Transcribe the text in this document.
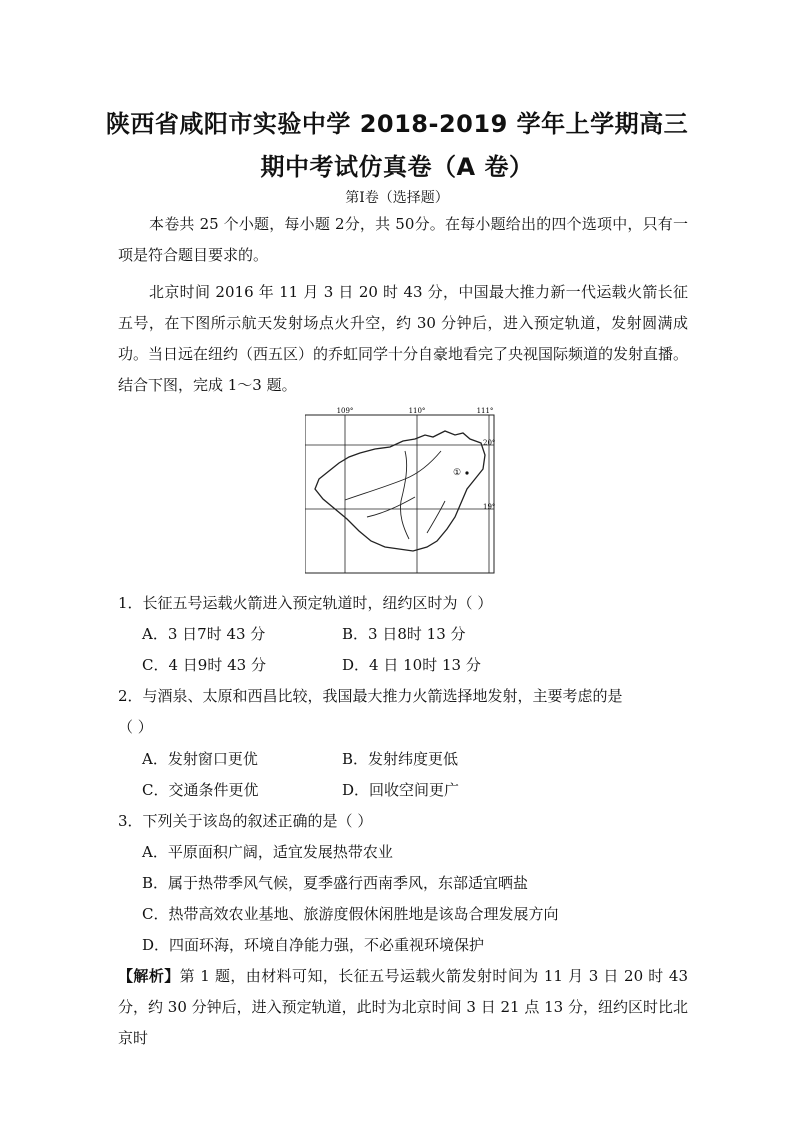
陕西省咸阳市实验中学 2018-2019 学年上学期高三
期中考试仿真卷（A 卷）
第Ⅰ卷（选择题）

本卷共 25 个小题，每小题 2分，共 50分。在每小题给出的四个选项中，只有一项是符合题目要求的。

北京时间 2016 年 11 月 3 日 20 时 43 分，中国最大推力新一代运载火箭长征五号，在下图所示航天发射场点火升空，约 30 分钟后，进入预定轨道，发射圆满成功。当日远在纽约（西五区）的乔虹同学十分自豪地看完了央视国际频道的发射直播。结合下图，完成 1～3 题。

109°	110°	111°
20°
19°
①
1．长征五号运载火箭进入预定轨道时，纽约区时为（ ）
A．3 日7时 43 分	B．3 日8时 13 分
C．4 日9时 43 分	D．4 日 10时 13 分
2．与酒泉、太原和西昌比较，我国最大推力火箭选择地发射，主要考虑的是
（ ）
A．发射窗口更优	B．发射纬度更低
C．交通条件更优	D．回收空间更广
3．下列关于该岛的叙述正确的是（ ）
A．平原面积广阔，适宜发展热带农业
B．属于热带季风气候，夏季盛行西南季风，东部适宜晒盐
C．热带高效农业基地、旅游度假休闲胜地是该岛合理发展方向
D．四面环海，环境自净能力强，不必重视环境保护

【解析】第 1 题，由材料可知，长征五号运载火箭发射时间为 11 月 3 日 20 时 43 分，约 30 分钟后，进入预定轨道，此时为北京时间 3 日 21 点 13 分，纽约区时比北京时
